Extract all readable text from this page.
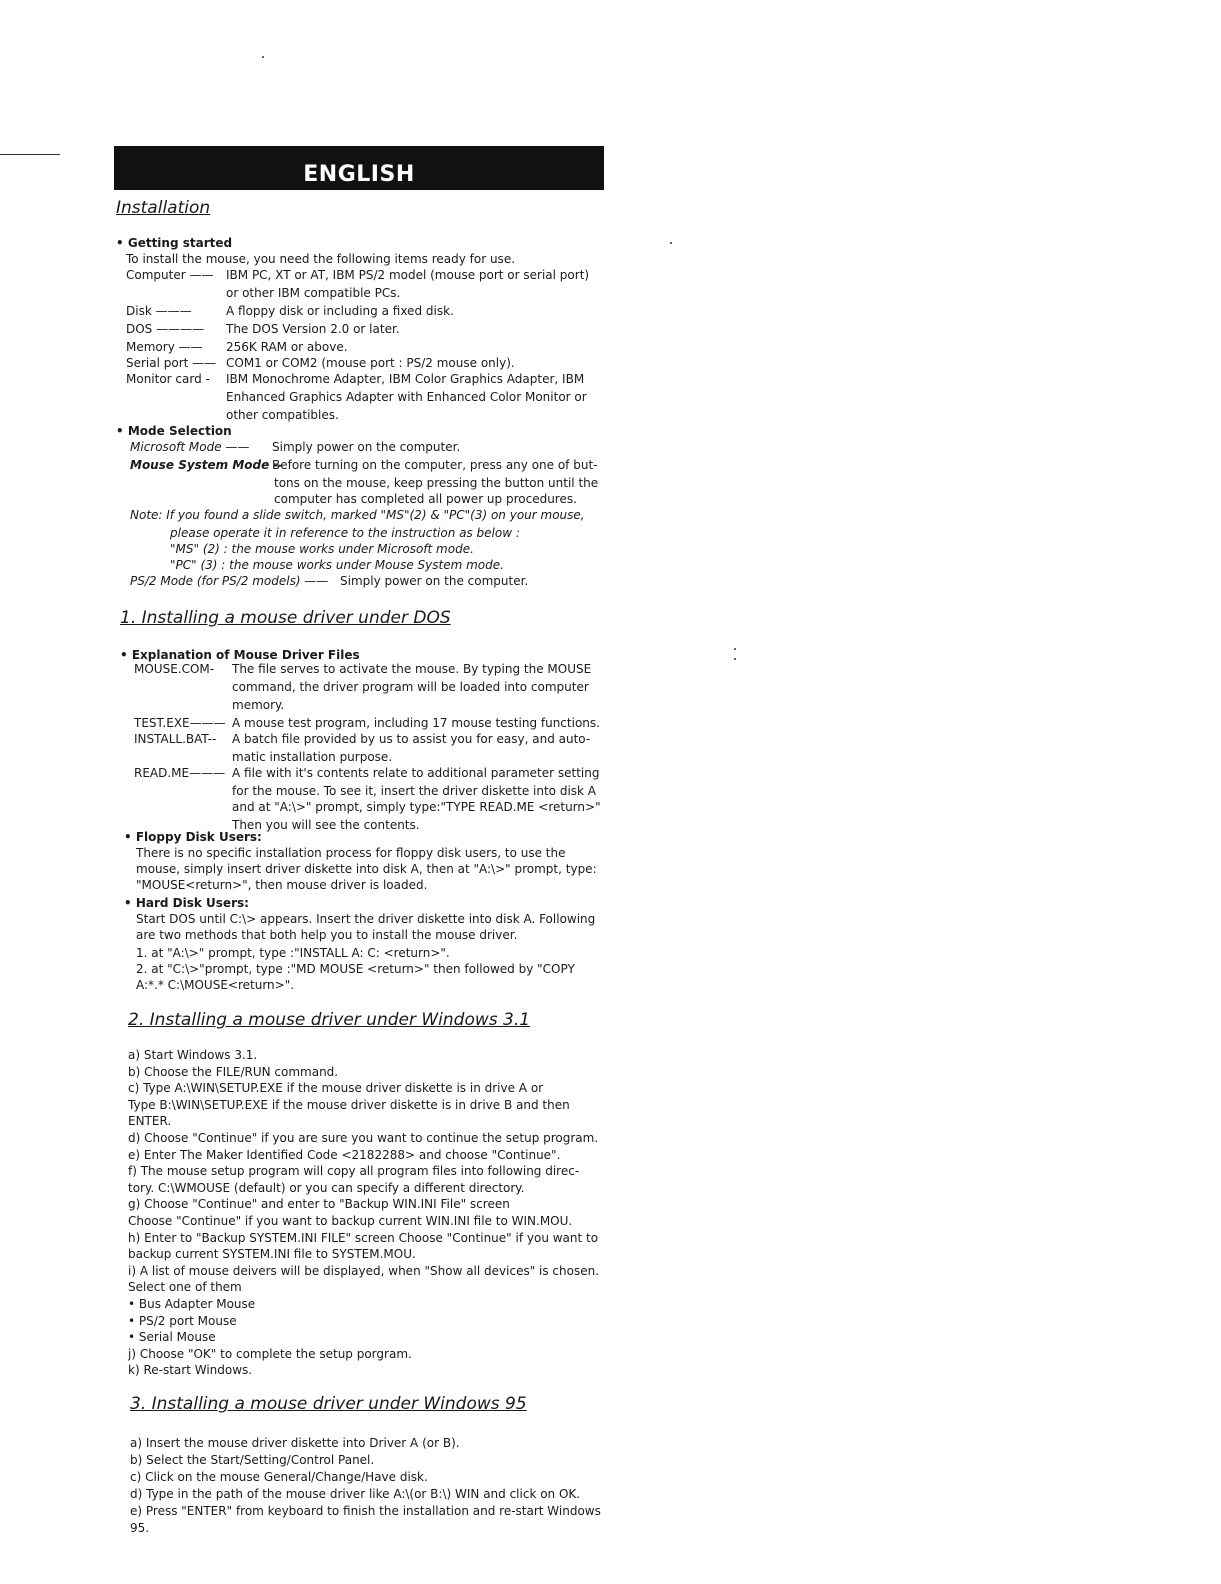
ENGLISH
Installation
• Getting started
To install the mouse, you need the following items ready for use.
Computer —— IBM PC, XT or AT, IBM PS/2 model (mouse port or serial port)
or other IBM compatible PCs.
Disk ———	A floppy disk or including a fixed disk.
DOS ———— The DOS Version 2.0 or later.
Memory —— 256K RAM or above.
Serial port —— COM1 or COM2 (mouse port : PS/2 mouse only).
Monitor card - IBM Monochrome Adapter, IBM Color Graphics Adapter, IBM
Enhanced Graphics Adapter with Enhanced Color Monitor or
other compatibles.
• Mode Selection
Microsoft Mode —— Simply power on the computer.
Mouse System Mode --
Before turning on the computer, press any one of but-
tons on the mouse, keep pressing the button until the
computer has completed all power up procedures.
Note: If you found a slide switch, marked "MS"(2) & "PC"(3) on your mouse,
please operate it in reference to the instruction as below :
"MS" (2) : the mouse works under Microsoft mode.
"PC" (3) : the mouse works under Mouse System mode.
PS/2 Mode (for PS/2 models) —— Simply power on the computer.
1. Installing a mouse driver under DOS
• Explanation of Mouse Driver Files
MOUSE.COM- The file serves to activate the mouse. By typing the MOUSE
command, the driver program will be loaded into computer
memory.
TEST.EXE——— A mouse test program, including 17 mouse testing functions.
INSTALL.BAT-- A batch file provided by us to assist you for easy, and auto-
matic installation purpose.
READ.ME——— A file with it's contents relate to additional parameter setting
for the mouse. To see it, insert the driver diskette into disk A
and at "A:\>" prompt, simply type:"TYPE READ.ME <return>"
Then you will see the contents.
• Floppy Disk Users:
There is no specific installation process for floppy disk users, to use the
mouse, simply insert driver diskette into disk A, then at "A:\>" prompt, type:
"MOUSE<return>", then mouse driver is loaded.
• Hard Disk Users:
Start DOS until C:\> appears. Insert the driver diskette into disk A. Following
are two methods that both help you to install the mouse driver.
1. at "A:\>" prompt, type :"INSTALL A: C: <return>".
2. at "C:\>"prompt, type :"MD MOUSE <return>" then followed by "COPY
A:*.* C:\MOUSE<return>".
2. Installing a mouse driver under Windows 3.1
a) Start Windows 3.1.
b) Choose the FILE/RUN command.
c) Type A:\WIN\SETUP.EXE if the mouse driver diskette is in drive A or
Type B:\WIN\SETUP.EXE if the mouse driver diskette is in drive B and then
ENTER.
d) Choose "Continue" if you are sure you want to continue the setup program.
e) Enter The Maker Identified Code <2182288> and choose "Continue".
f) The mouse setup program will copy all program files into following direc-
tory. C:\WMOUSE (default) or you can specify a different directory.
g) Choose "Continue" and enter to "Backup WIN.INI File" screen
Choose "Continue" if you want to backup current WIN.INI file to WIN.MOU.
h) Enter to "Backup SYSTEM.INI FILE" screen Choose "Continue" if you want to
backup current SYSTEM.INI file to SYSTEM.MOU.
i) A list of mouse deivers will be displayed, when "Show all devices" is chosen.
Select one of them
• Bus Adapter Mouse
• PS/2 port Mouse
• Serial Mouse
j) Choose "OK" to complete the setup porgram.
k) Re-start Windows.
3. Installing a mouse driver under Windows 95
a) Insert the mouse driver diskette into Driver A (or B).
b) Select the Start/Setting/Control Panel.
c) Click on the mouse General/Change/Have disk.
d) Type in the path of the mouse driver like A:\(or B:\) WIN and click on OK.
e) Press "ENTER" from keyboard to finish the installation and re-start Windows
95.
